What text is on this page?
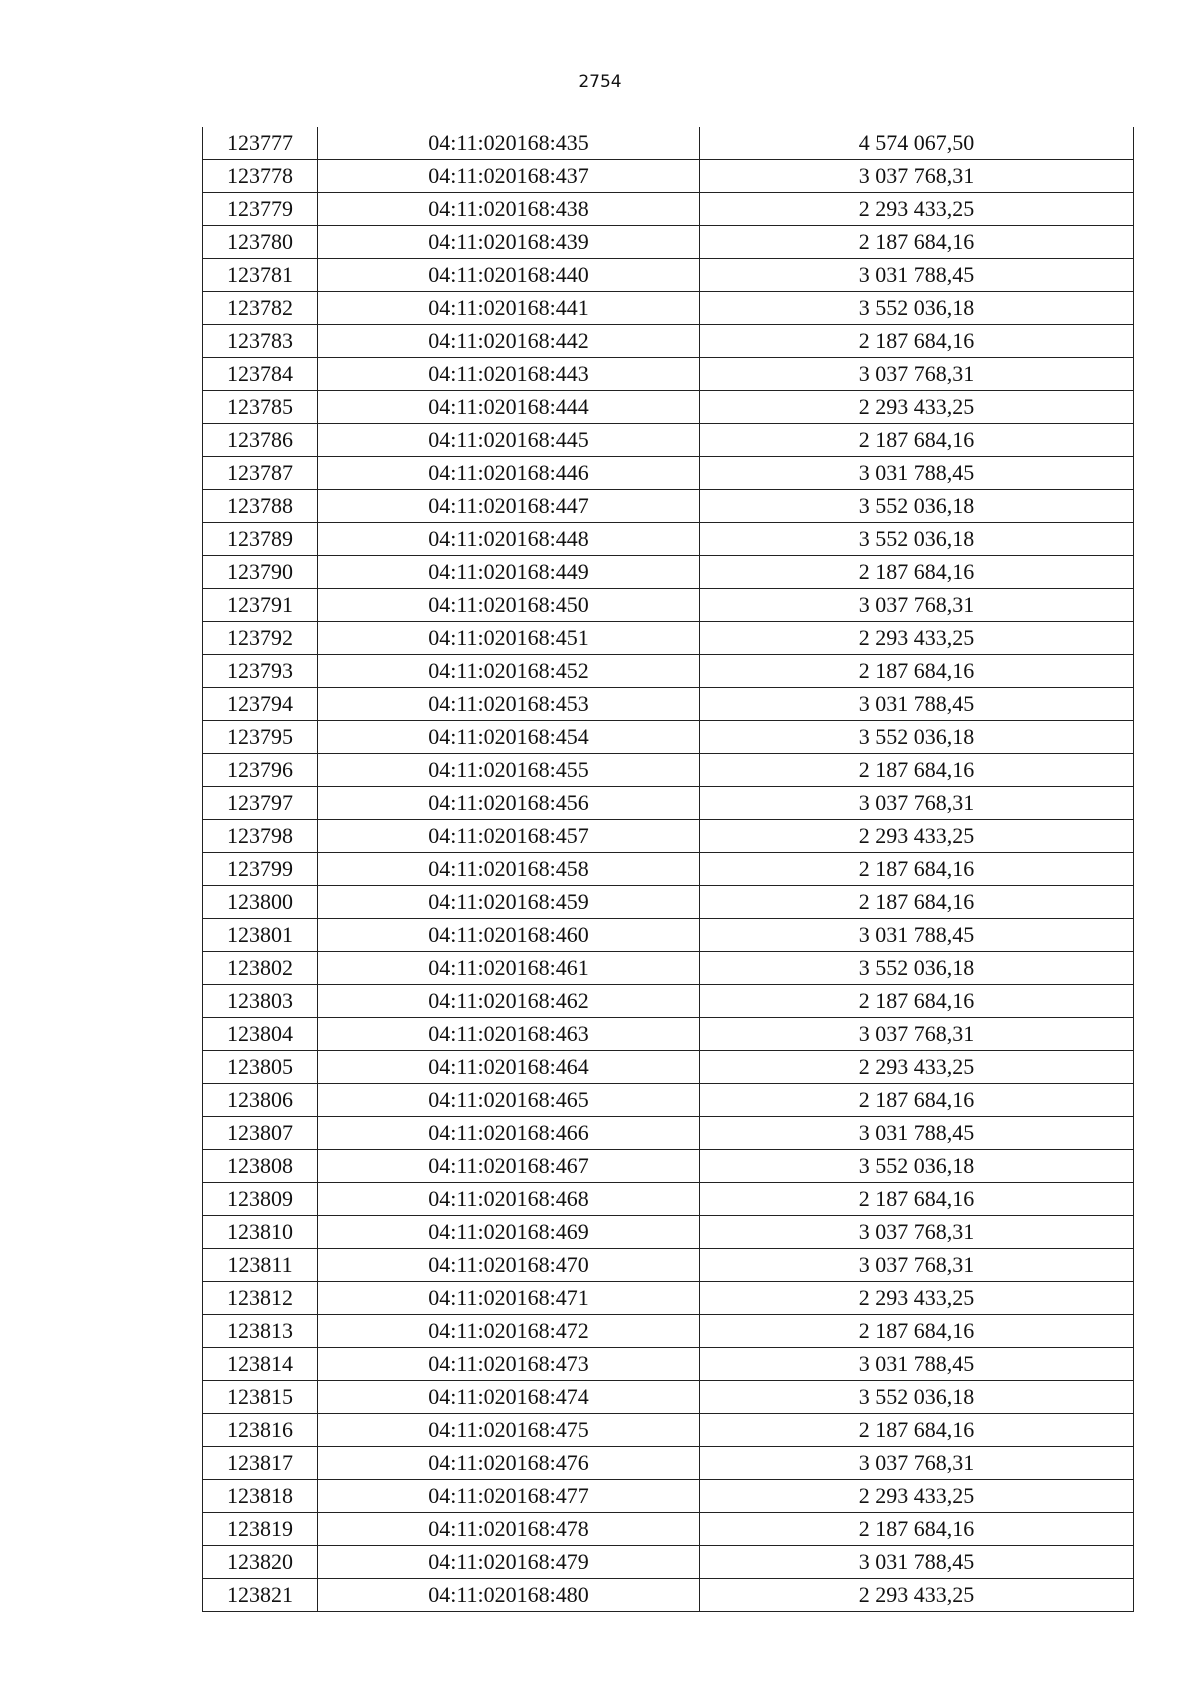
2754
123777	04:11:020168:435	4 574 067,50
123778	04:11:020168:437	3 037 768,31
123779	04:11:020168:438	2 293 433,25
123780	04:11:020168:439	2 187 684,16
123781	04:11:020168:440	3 031 788,45
123782	04:11:020168:441	3 552 036,18
123783	04:11:020168:442	2 187 684,16
123784	04:11:020168:443	3 037 768,31
123785	04:11:020168:444	2 293 433,25
123786	04:11:020168:445	2 187 684,16
123787	04:11:020168:446	3 031 788,45
123788	04:11:020168:447	3 552 036,18
123789	04:11:020168:448	3 552 036,18
123790	04:11:020168:449	2 187 684,16
123791	04:11:020168:450	3 037 768,31
123792	04:11:020168:451	2 293 433,25
123793	04:11:020168:452	2 187 684,16
123794	04:11:020168:453	3 031 788,45
123795	04:11:020168:454	3 552 036,18
123796	04:11:020168:455	2 187 684,16
123797	04:11:020168:456	3 037 768,31
123798	04:11:020168:457	2 293 433,25
123799	04:11:020168:458	2 187 684,16
123800	04:11:020168:459	2 187 684,16
123801	04:11:020168:460	3 031 788,45
123802	04:11:020168:461	3 552 036,18
123803	04:11:020168:462	2 187 684,16
123804	04:11:020168:463	3 037 768,31
123805	04:11:020168:464	2 293 433,25
123806	04:11:020168:465	2 187 684,16
123807	04:11:020168:466	3 031 788,45
123808	04:11:020168:467	3 552 036,18
123809	04:11:020168:468	2 187 684,16
123810	04:11:020168:469	3 037 768,31
123811	04:11:020168:470	3 037 768,31
123812	04:11:020168:471	2 293 433,25
123813	04:11:020168:472	2 187 684,16
123814	04:11:020168:473	3 031 788,45
123815	04:11:020168:474	3 552 036,18
123816	04:11:020168:475	2 187 684,16
123817	04:11:020168:476	3 037 768,31
123818	04:11:020168:477	2 293 433,25
123819	04:11:020168:478	2 187 684,16
123820	04:11:020168:479	3 031 788,45
123821	04:11:020168:480	2 293 433,25
